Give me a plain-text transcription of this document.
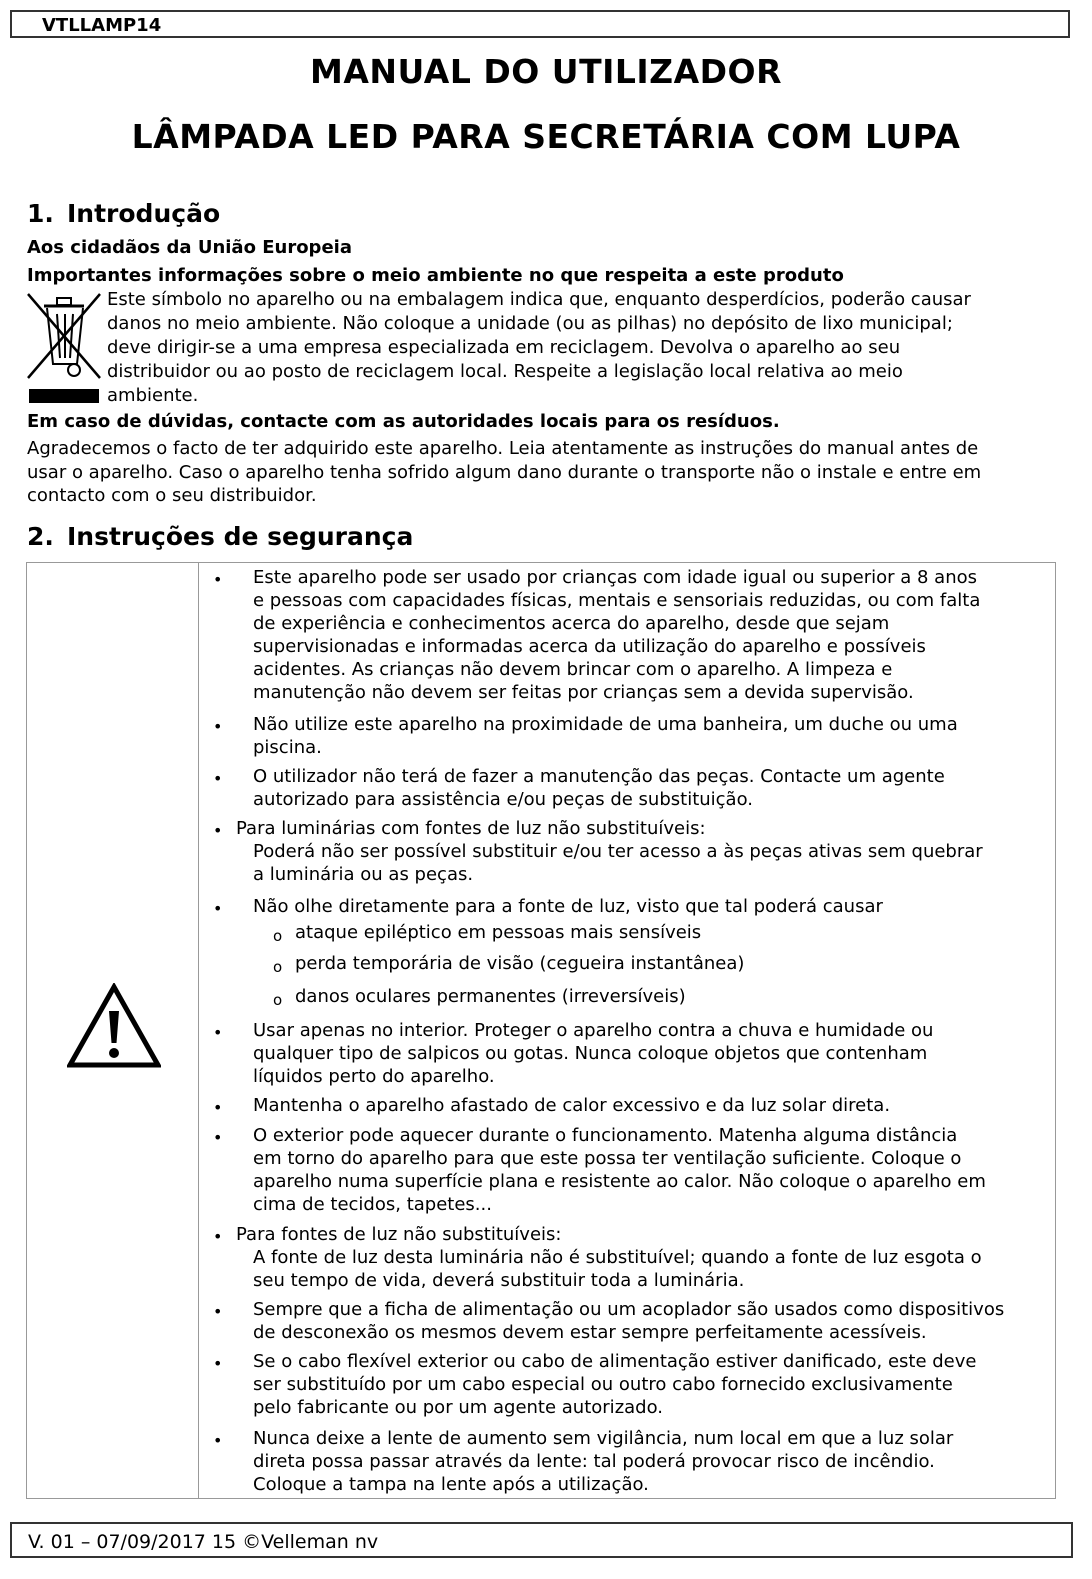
VTLLAMP14
MANUAL DO UTILIZADOR
LÂMPADA LED PARA SECRETÁRIA COM LUPA
1. Introdução
Aos cidadãos da União Europeia
Importantes informações sobre o meio ambiente no que respeita a este produto
Este símbolo no aparelho ou na embalagem indica que, enquanto desperdícios, poderão causar
danos no meio ambiente. Não coloque a unidade (ou as pilhas) no depósito de lixo municipal;
deve dirigir-se a uma empresa especializada em reciclagem. Devolva o aparelho ao seu
distribuidor ou ao posto de reciclagem local. Respeite a legislação local relativa ao meio
ambiente.
Em caso de dúvidas, contacte com as autoridades locais para os resíduos.
Agradecemos o facto de ter adquirido este aparelho. Leia atentamente as instruções do manual antes de
usar o aparelho. Caso o aparelho tenha sofrido algum dano durante o transporte não o instale e entre em
contacto com o seu distribuidor.
2. Instruções de segurança
• Este aparelho pode ser usado por crianças com idade igual ou superior a 8 anos
e pessoas com capacidades físicas, mentais e sensoriais reduzidas, ou com falta
de experiência e conhecimentos acerca do aparelho, desde que sejam
supervisionadas e informadas acerca da utilização do aparelho e possíveis
acidentes. As crianças não devem brincar com o aparelho. A limpeza e
manutenção não devem ser feitas por crianças sem a devida supervisão.
• Não utilize este aparelho na proximidade de uma banheira, um duche ou uma
piscina.
• O utilizador não terá de fazer a manutenção das peças. Contacte um agente
autorizado para assistência e/ou peças de substituição.
• Para luminárias com fontes de luz não substituíveis:
Poderá não ser possível substituir e/ou ter acesso a às peças ativas sem quebrar
a luminária ou as peças.
• Não olhe diretamente para a fonte de luz, visto que tal poderá causar
o ataque epiléptico em pessoas mais sensíveis
o perda temporária de visão (cegueira instantânea)
o danos oculares permanentes (irreversíveis)
• Usar apenas no interior. Proteger o aparelho contra a chuva e humidade ou
qualquer tipo de salpicos ou gotas. Nunca coloque objetos que contenham
líquidos perto do aparelho.
• Mantenha o aparelho afastado de calor excessivo e da luz solar direta.
• O exterior pode aquecer durante o funcionamento. Matenha alguma distância
em torno do aparelho para que este possa ter ventilação suficiente. Coloque o
aparelho numa superfície plana e resistente ao calor. Não coloque o aparelho em
cima de tecidos, tapetes...
• Para fontes de luz não substituíveis:
A fonte de luz desta luminária não é substituível; quando a fonte de luz esgota o
seu tempo de vida, deverá substituir toda a luminária.
• Sempre que a ficha de alimentação ou um acoplador são usados como dispositivos
de desconexão os mesmos devem estar sempre perfeitamente acessíveis.
• Se o cabo flexível exterior ou cabo de alimentação estiver danificado, este deve
ser substituído por um cabo especial ou outro cabo fornecido exclusivamente
pelo fabricante ou por um agente autorizado.
• Nunca deixe a lente de aumento sem vigilância, num local em que a luz solar
direta possa passar através da lente: tal poderá provocar risco de incêndio.
Coloque a tampa na lente após a utilização.
V. 01 – 07/09/2017 15 ©Velleman nv
